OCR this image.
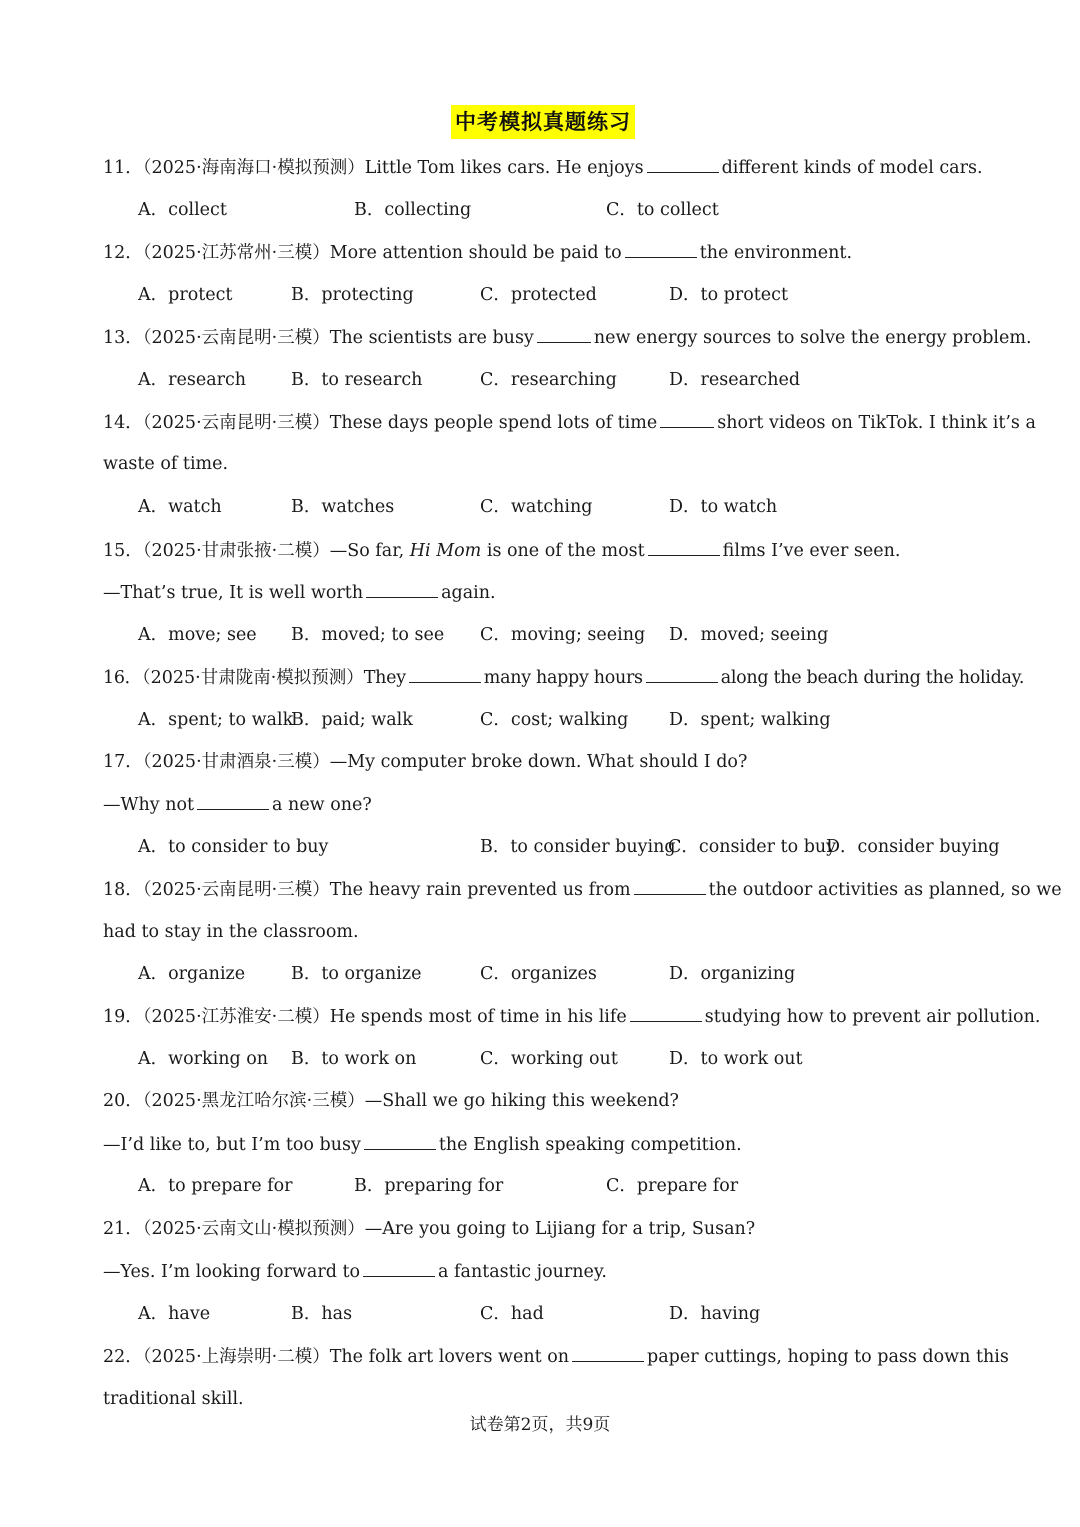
中考模拟真题练习
11．（2025·海南海口·模拟预测）Little Tom likes cars. He enjoys	different kinds of model cars.
A．collect	B．collecting	C．to collect
12．（2025·江苏常州·三模）More attention should be paid to	the environment.
A．protect	B．protecting	C．protected	D．to protect
13．（2025·云南昆明·三模）The scientists are busy	new energy sources to solve the energy problem.
A．research	B．to research	C．researching	D．researched
14．（2025·云南昆明·三模）These days people spend lots of time	short videos on TikTok. I think it’s a
waste of time.
A．watch	B．watches	C．watching	D．to watch
15．（2025·甘肃张掖·二模）—So far, Hi Mom is one of the most	films I’ve ever seen.
—That’s true, It is well worth	again.
A．move; see B．moved; to see C．moving; seeing D．moved; seeing
16．（2025·甘肃陇南·模拟预测）They	many happy hours	along the beach during the holiday.
A．spent; to walk
B．paid; walk	C．cost; walking D．spent; walking
17．（2025·甘肃酒泉·三模）—My computer broke down. What should I do?
—Why not	a new one?
A．to consider to buy	B．to consider buying
C．consider to buy
D．consider buying
18．（2025·云南昆明·三模）The heavy rain prevented us from	the outdoor activities as planned, so we
had to stay in the classroom.
A．organize	B．to organize	C．organizes	D．organizing
19．（2025·江苏淮安·二模）He spends most of time in his life	studying how to prevent air pollution.
A．working on B．to work on	C．working out	D．to work out
20．（2025·黑龙江哈尔滨·三模）—Shall we go hiking this weekend?
—I’d like to, but I’m too busy	the English speaking competition.
A．to prepare for	B．preparing for	C．prepare for
21．（2025·云南文山·模拟预测）—Are you going to Lijiang for a trip, Susan?
—Yes. I’m looking forward to	a fantastic journey.
A．have	B．has	C．had	D．having
22．（2025·上海崇明·二模）The folk art lovers went on	paper cuttings, hoping to pass down this
traditional skill.
试卷第2页，共9页
